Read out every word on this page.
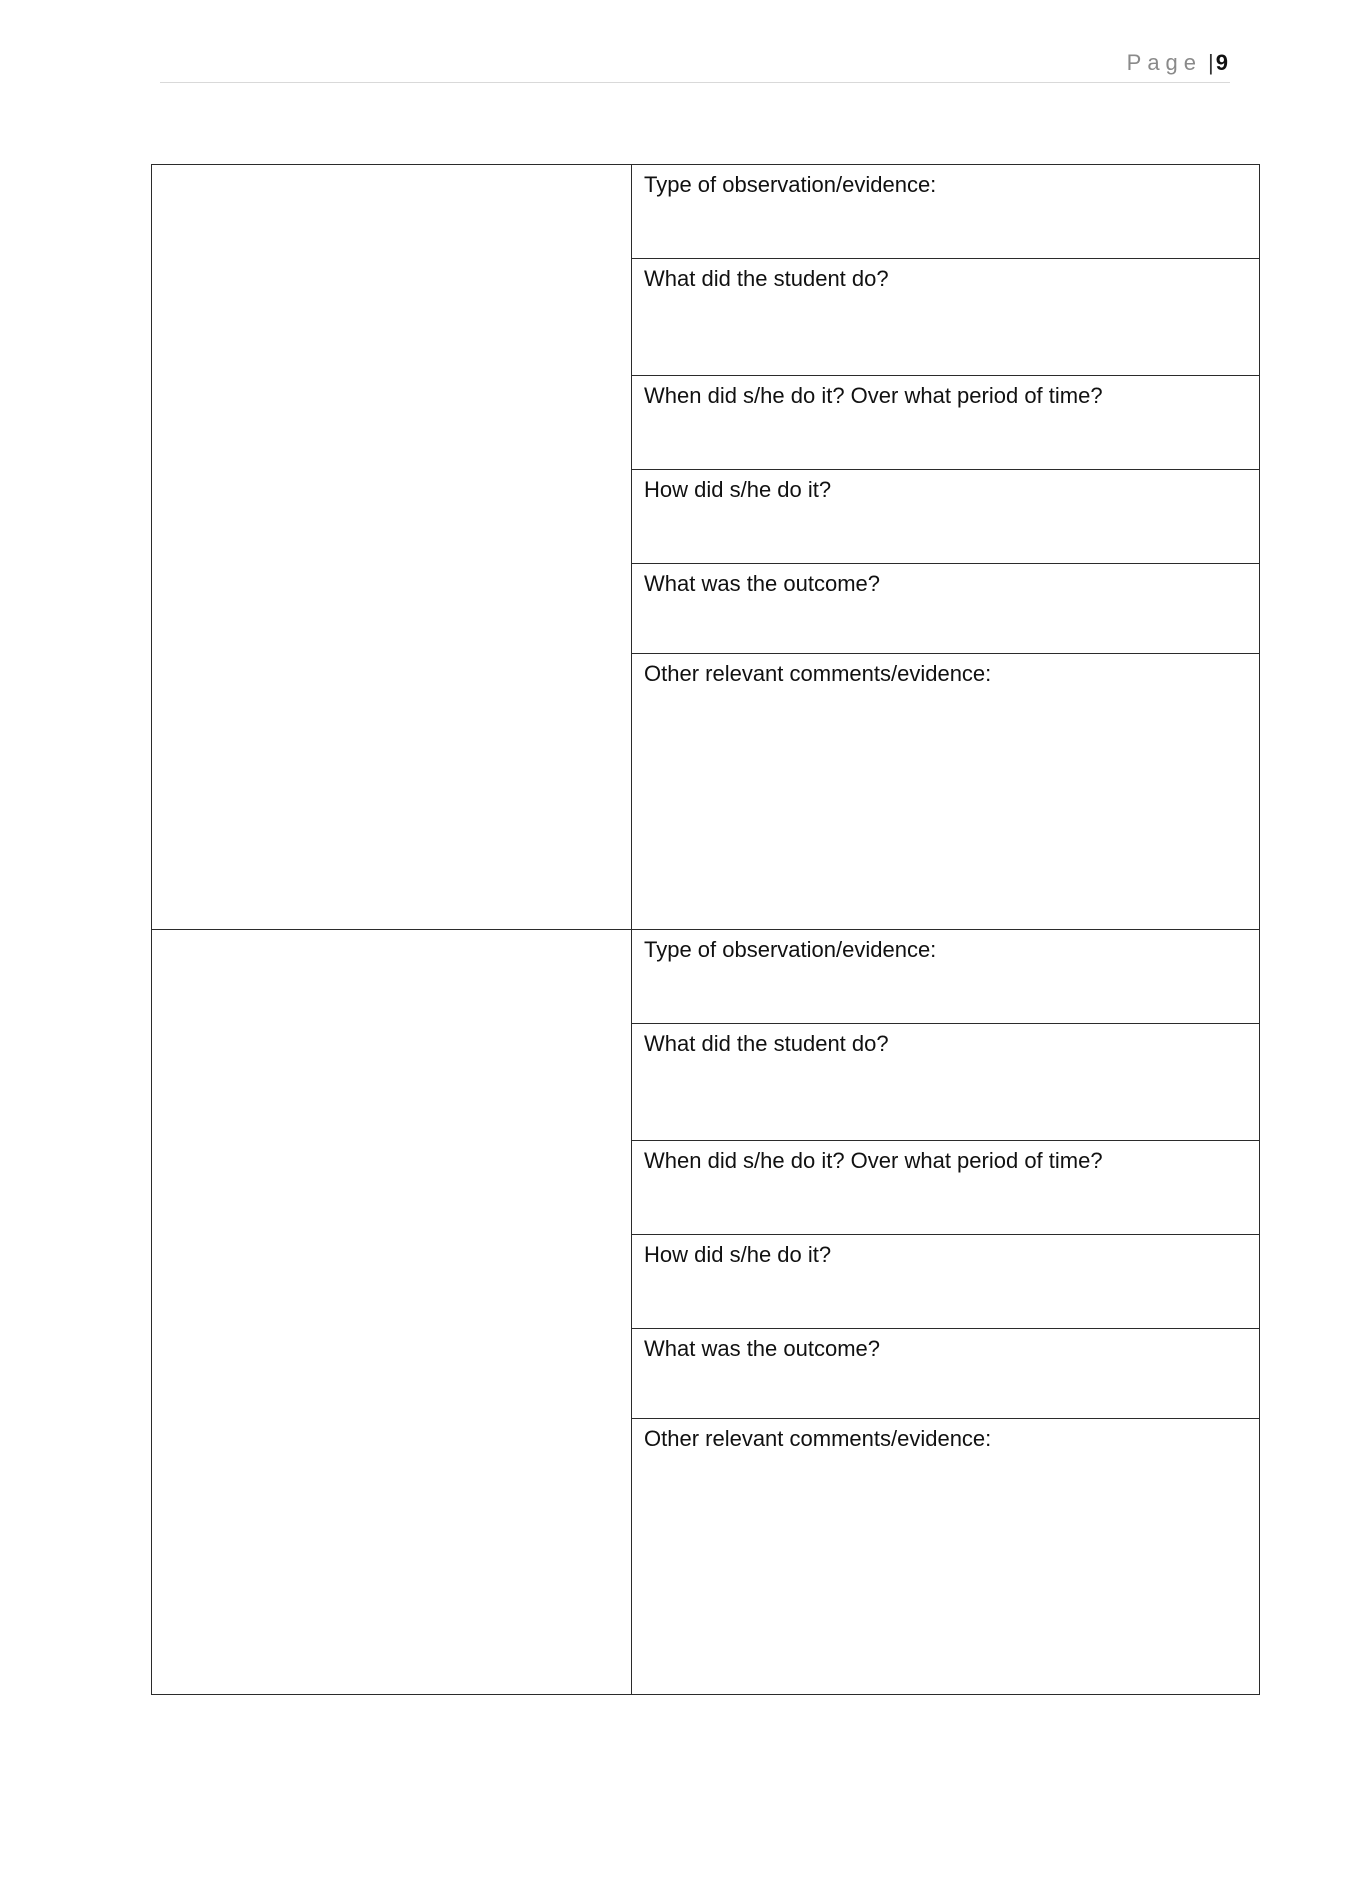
Page |9
	Type of observation/evidence:
	What did the student do?
	When did s/he do it? Over what period of time?
	How did s/he do it?
	What was the outcome?
	Other relevant comments/evidence:
	Type of observation/evidence:
	What did the student do?
	When did s/he do it? Over what period of time?
	How did s/he do it?
	What was the outcome?
	Other relevant comments/evidence:
